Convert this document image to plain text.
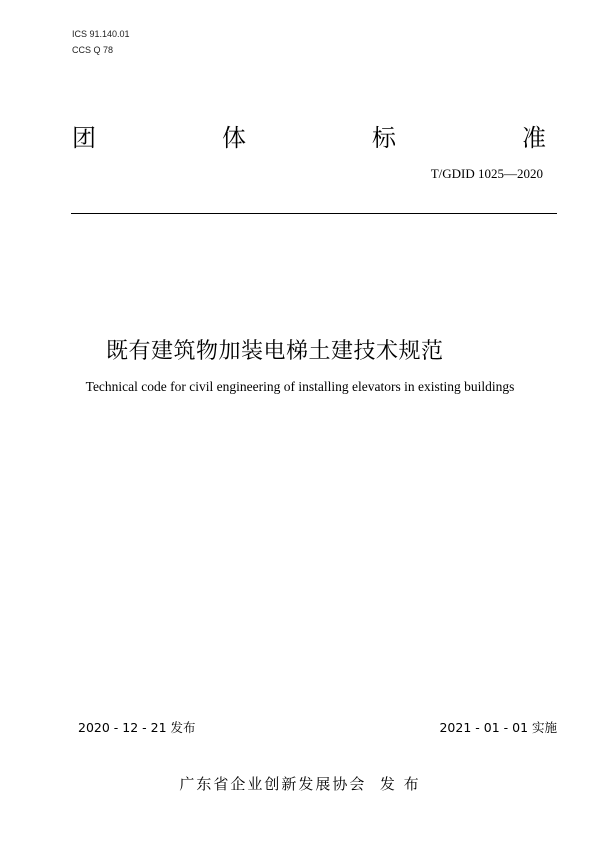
ICS 91.140.01
CCS Q 78
团	体	标	准
T/GDID 1025—2020
既有建筑物加装电梯土建技术规范
Technical code for civil engineering of installing elevators in existing buildings
2020 - 12 - 21 发布	2021 - 01 - 01 实施
广东省企业创新发展协会  发 布
